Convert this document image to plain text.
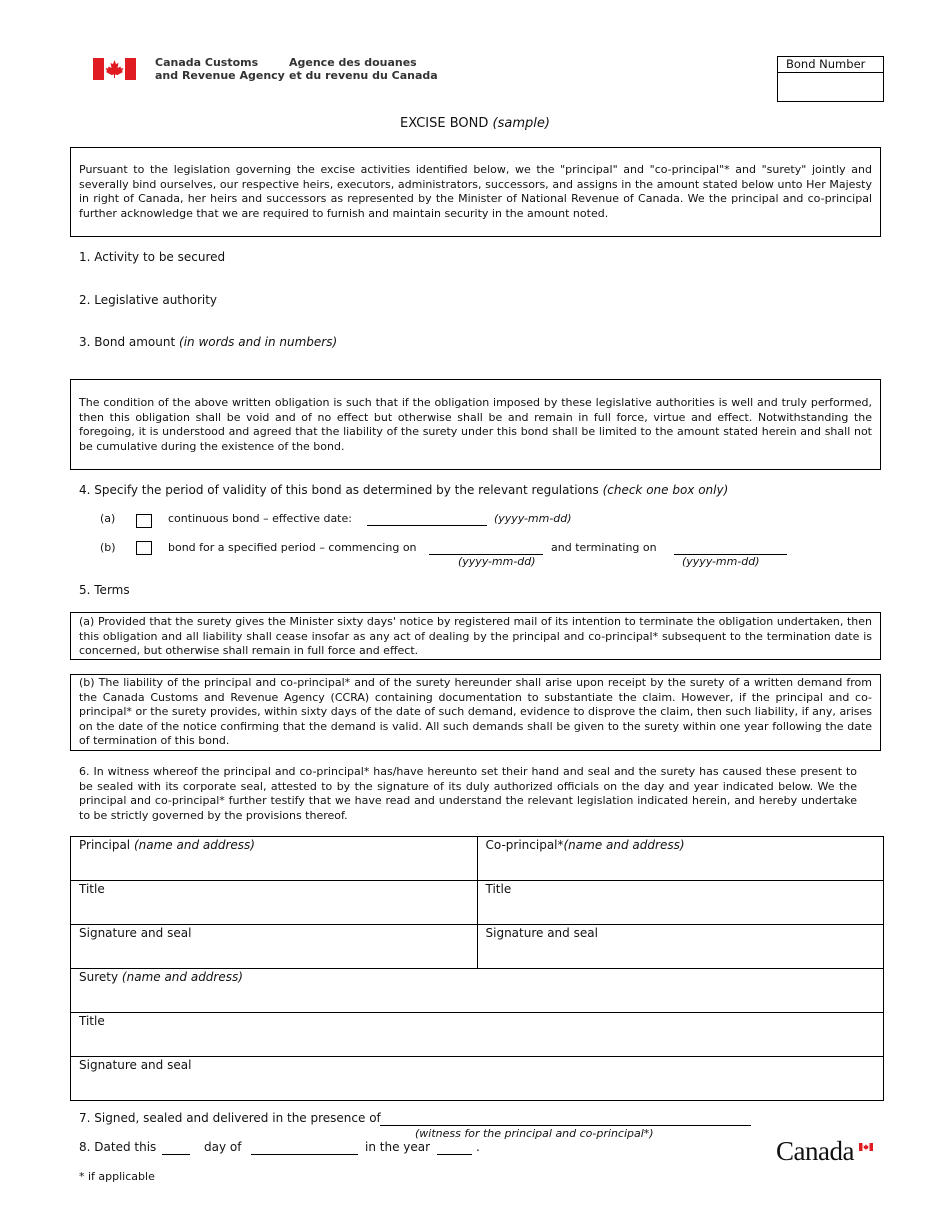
Canada Customs
and Revenue Agency
Agence des douanes
et du revenu du Canada
Bond Number
EXCISE BOND (sample)
Pursuant to the legislation governing the excise activities identified below, we the "principal" and "co-principal"* and "surety" jointly and severally bind ourselves, our respective heirs, executors, administrators, successors, and assigns in the amount stated below unto Her Majesty in right of Canada, her heirs and successors as represented by the Minister of National Revenue of Canada. We the principal and co-principal further acknowledge that we are required to furnish and maintain security in the amount noted.
1. Activity to be secured
2. Legislative authority
3. Bond amount (in words and in numbers)
The condition of the above written obligation is such that if the obligation imposed by these legislative authorities is well and truly performed, then this obligation shall be void and of no effect but otherwise shall be and remain in full force, virtue and effect. Notwithstanding the foregoing, it is understood and agreed that the liability of the surety under this bond shall be limited to the amount stated herein and shall not be cumulative during the existence of the bond.
4. Specify the period of validity of this bond as determined by the relevant regulations (check one box only)
(a)	continuous bond – effective date:	(yyyy-mm-dd)
(b)	bond for a specified period – commencing on
(yyyy-mm-dd)
and terminating on
(yyyy-mm-dd)
5. Terms
(a) Provided that the surety gives the Minister sixty days' notice by registered mail of its intention to terminate the obligation undertaken, then this obligation and all liability shall cease insofar as any act of dealing by the principal and co-principal* subsequent to the termination date is concerned, but otherwise shall remain in full force and effect.
(b) The liability of the principal and co-principal* and of the surety hereunder shall arise upon receipt by the surety of a written demand from the Canada Customs and Revenue Agency (CCRA) containing documentation to substantiate the claim. However, if the principal and co-principal* or the surety provides, within sixty days of the date of such demand, evidence to disprove the claim, then such liability, if any, arises on the date of the notice confirming that the demand is valid. All such demands shall be given to the surety within one year following the date of termination of this bond.
6. In witness whereof the principal and co-principal* has/have hereunto set their hand and seal and the surety has caused these present to be sealed with its corporate seal, attested to by the signature of its duly authorized officials on the day and year indicated below. We the principal and co-principal* further testify that we have read and understand the relevant legislation indicated herein, and hereby undertake to be strictly governed by the provisions thereof.
Principal (name and address)	Co-principal*(name and address)
Title	Title
Signature and seal	Signature and seal
Surety (name and address)	
Title	
Signature and seal	
7. Signed, sealed and delivered in the presence of
(witness for the principal and co-principal*)
8. Dated this	day of	in the year	.
* if applicable
Canada
